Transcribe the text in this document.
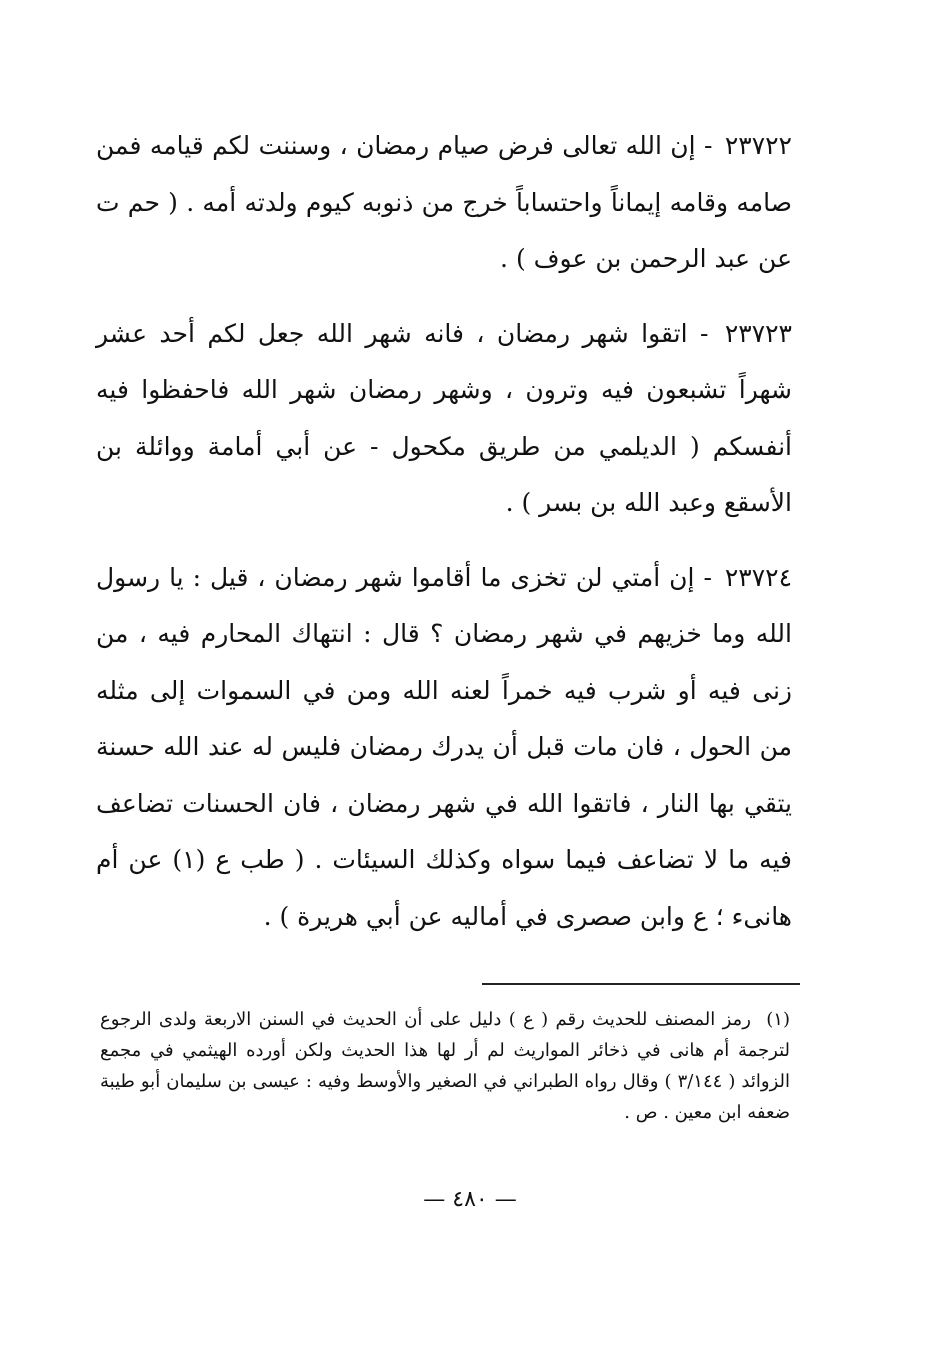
٢٣٧٢٢ - إن الله تعالى فرض صيام رمضان ، وسننت لكم قيامه فمن صامه وقامه إيماناً واحتساباً خرج من ذنوبه كيوم ولدته أمه . ( حم ت عن عبد الرحمن بن عوف ) .

٢٣٧٢٣ - اتقوا شهر رمضان ، فانه شهر الله جعل لكم أحد عشر شهراً تشبعون فيه وترون ، وشهر رمضان شهر الله فاحفظوا فيه أنفسكم ( الديلمي من طريق مكحول - عن أبي أمامة ووائلة بن الأسقع وعبد الله بن بسر ) .

٢٣٧٢٤ - إن أمتي لن تخزى ما أقاموا شهر رمضان ، قيل : يا رسول الله وما خزيهم في شهر رمضان ؟ قال : انتهاك المحارم فيه ، من زنى فيه أو شرب فيه خمراً لعنه الله ومن في السموات إلى مثله من الحول ، فان مات قبل أن يدرك رمضان فليس له عند الله حسنة يتقي بها النار ، فاتقوا الله في شهر رمضان ، فان الحسنات تضاعف فيه ما لا تضاعف فيما سواه وكذلك السيئات . ( طب ع (١) عن أم هانىء ؛ ع وابن صصرى في أماليه عن أبي هريرة ) .

(١) رمز المصنف للحديث رقم ( ع ) دليل على أن الحديث في السنن الاربعة ولدى الرجوع لترجمة أم هانى في ذخائر المواريث لم أر لها هذا الحديث ولكن أورده الهيثمي في مجمع الزوائد ( ٣/١٤٤ ) وقال رواه الطبراني في الصغير والأوسط وفيه : عيسى بن سليمان أبو طيبة ضعفه ابن معين . ص .
— ٤٨٠ —
